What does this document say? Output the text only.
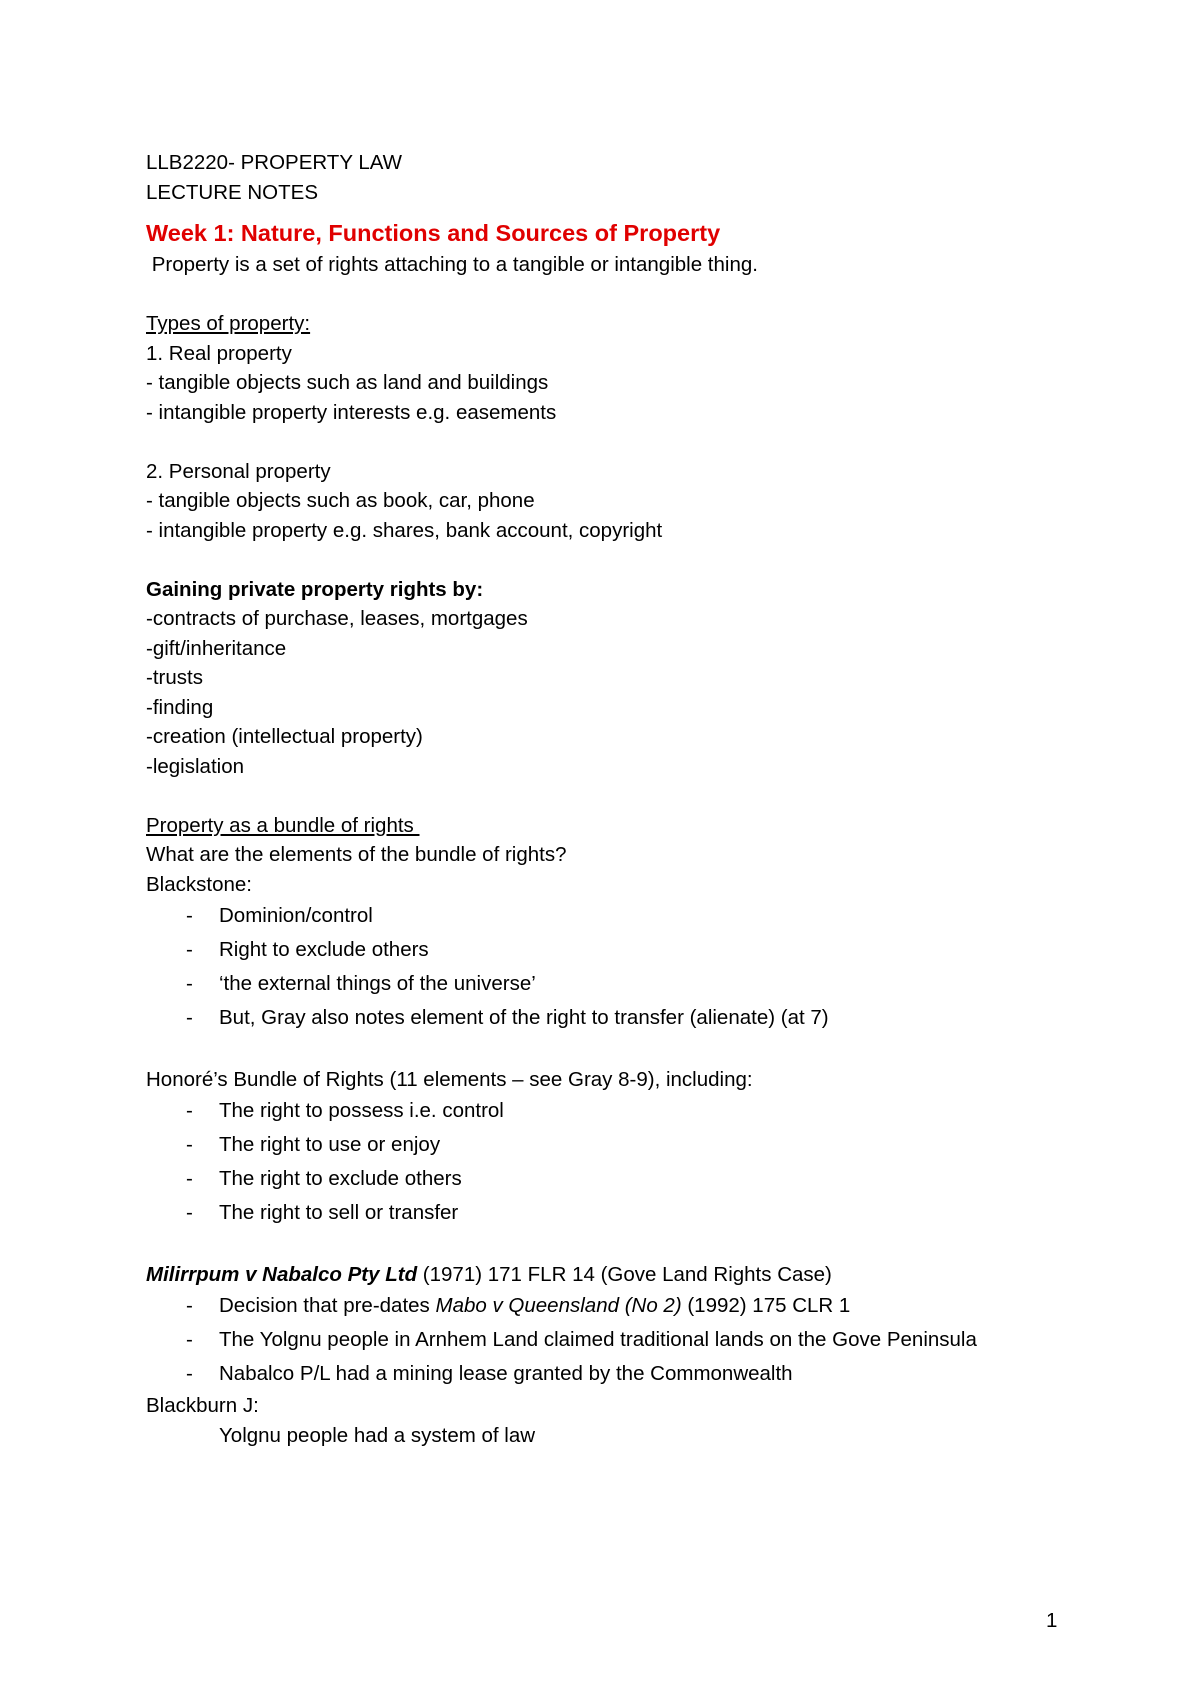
LLB2220- PROPERTY LAW

LECTURE NOTES

Week 1: Nature, Functions and Sources of Property

Property is a set of rights attaching to a tangible or intangible thing.

Types of property:

1. Real property

- tangible objects such as land and buildings

- intangible property interests e.g. easements

2. Personal property

- tangible objects such as book, car, phone

- intangible property e.g. shares, bank account, copyright

Gaining private property rights by:

-contracts of purchase, leases, mortgages

-gift/inheritance

-trusts

-finding

-creation (intellectual property)

-legislation

Property as a bundle of rights

What are the elements of the bundle of rights?

Blackstone:

- Dominion/control
- Right to exclude others
- ‘the external things of the universe’
- But, Gray also notes element of the right to transfer (alienate) (at 7)

Honoré’s Bundle of Rights (11 elements – see Gray 8-9), including:

- The right to possess i.e. control
- The right to use or enjoy
- The right to exclude others
- The right to sell or transfer

Milirrpum v Nabalco Pty Ltd (1971) 171 FLR 14 (Gove Land Rights Case)

- Decision that pre-dates Mabo v Queensland (No 2) (1992) 175 CLR 1
- The Yolgnu people in Arnhem Land claimed traditional lands on the Gove Peninsula
- Nabalco P/L had a mining lease granted by the Commonwealth

Blackburn J:

Yolgnu people had a system of law

1
